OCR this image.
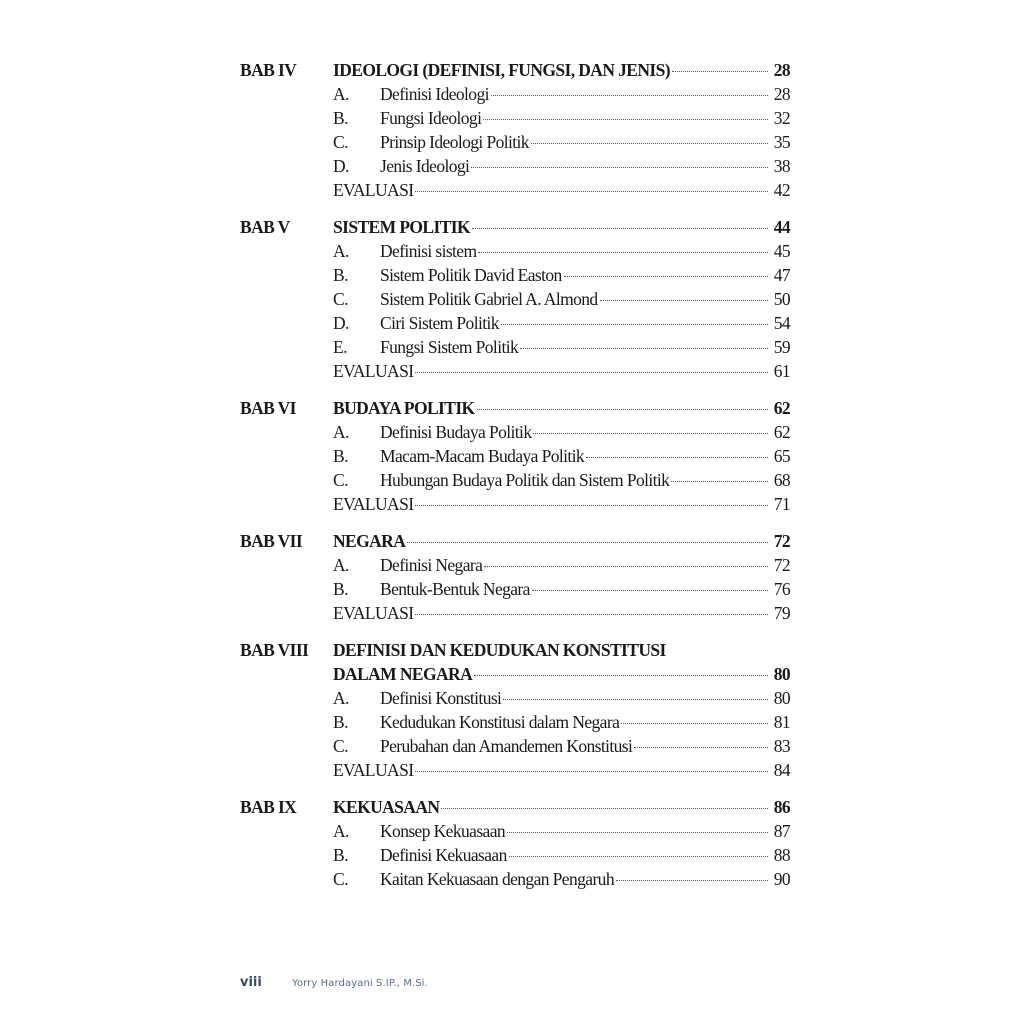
BAB IV	IDEOLOGI (DEFINISI, FUNGSI, DAN JENIS)	28
A.	Definisi Ideologi	28
B.	Fungsi Ideologi	32
C.	Prinsip Ideologi Politik	35
D.	Jenis Ideologi	38
EVALUASI	42
BAB V	SISTEM POLITIK	44
A.	Definisi sistem	45
B.	Sistem Politik David Easton	47
C.	Sistem Politik Gabriel A. Almond	50
D.	Ciri Sistem Politik	54
E.	Fungsi Sistem Politik	59
EVALUASI	61
BAB VI	BUDAYA POLITIK	62
A.	Definisi Budaya Politik	62
B.	Macam-Macam Budaya Politik	65
C.	Hubungan Budaya Politik dan Sistem Politik	68
EVALUASI	71
BAB VII	NEGARA	72
A.	Definisi Negara	72
B.	Bentuk-Bentuk Negara	76
EVALUASI	79
BAB VIII	DEFINISI DAN KEDUDUKAN KONSTITUSI
DALAM NEGARA	80
A.	Definisi Konstitusi	80
B.	Kedudukan Konstitusi dalam Negara	81
C.	Perubahan dan Amandemen Konstitusi	83
EVALUASI	84
BAB IX	KEKUASAAN	86
A.	Konsep Kekuasaan	87
B.	Definisi Kekuasaan	88
C.	Kaitan Kekuasaan dengan Pengaruh	90
viii	Yorry Hardayani S.IP., M.Si.
